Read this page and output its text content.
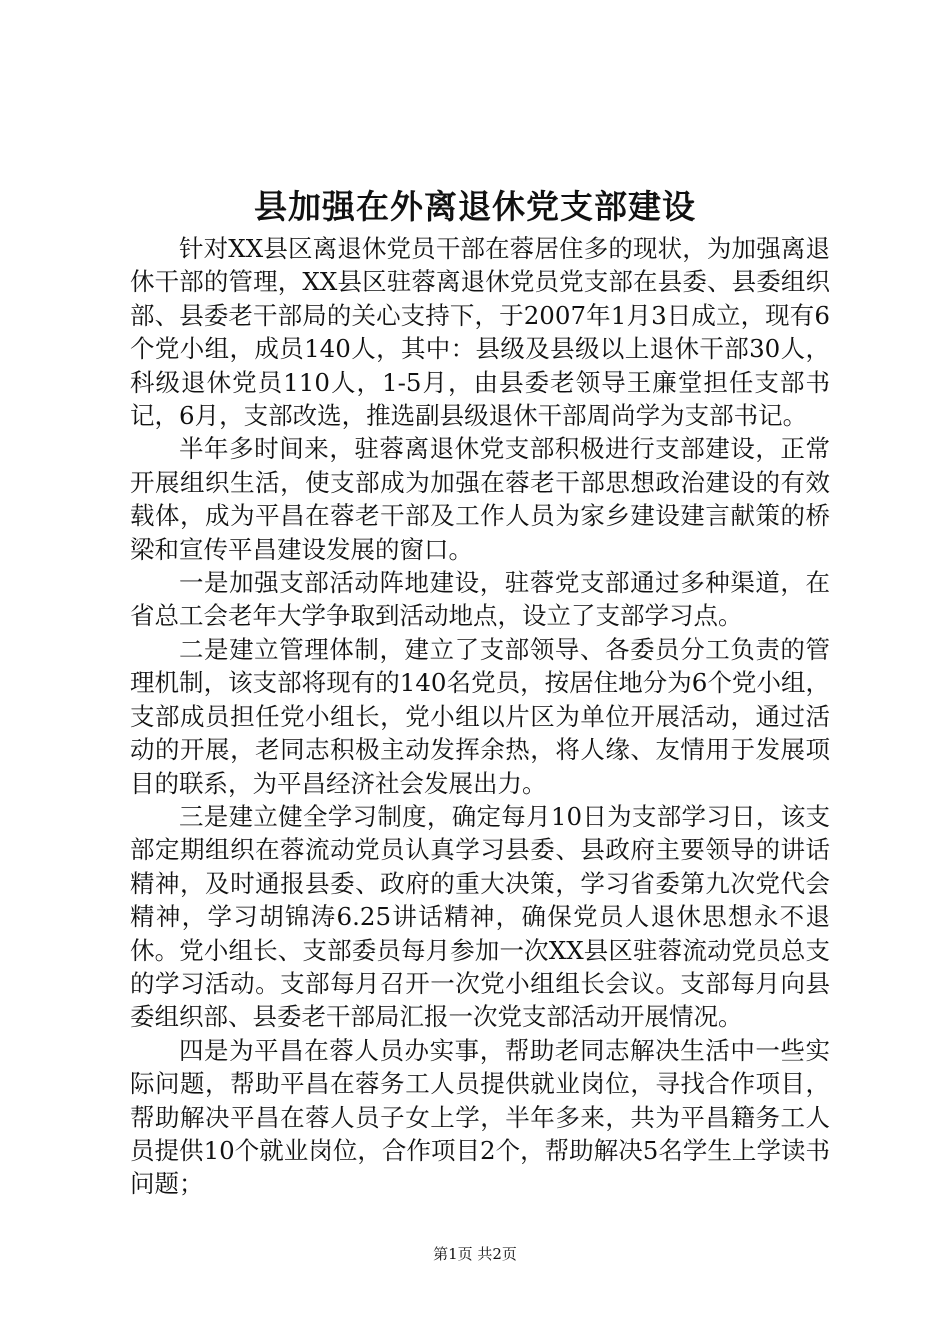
县加强在外离退休党支部建设

针对XX县区离退休党员干部在蓉居住多的现状，为加强离退休干部的管理，XX县区驻蓉离退休党员党支部在县委、县委组织部、县委老干部局的关心支持下，于2007年1月3日成立，现有6个党小组，成员140人，其中：县级及县级以上退休干部30人，科级退休党员110人，1-5月，由县委老领导王廉堂担任支部书记，6月，支部改选，推选副县级退休干部周尚学为支部书记。

半年多时间来，驻蓉离退休党支部积极进行支部建设，正常开展组织生活，使支部成为加强在蓉老干部思想政治建设的有效载体，成为平昌在蓉老干部及工作人员为家乡建设建言献策的桥梁和宣传平昌建设发展的窗口。

一是加强支部活动阵地建设，驻蓉党支部通过多种渠道，在省总工会老年大学争取到活动地点，设立了支部学习点。

二是建立管理体制，建立了支部领导、各委员分工负责的管理机制，该支部将现有的140名党员，按居住地分为6个党小组，支部成员担任党小组长，党小组以片区为单位开展活动，通过活动的开展，老同志积极主动发挥余热，将人缘、友情用于发展项目的联系，为平昌经济社会发展出力。

三是建立健全学习制度，确定每月10日为支部学习日，该支部定期组织在蓉流动党员认真学习县委、县政府主要领导的讲话精神，及时通报县委、政府的重大决策，学习省委第九次党代会精神，学习胡锦涛6.25讲话精神，确保党员人退休思想永不退休。党小组长、支部委员每月参加一次XX县区驻蓉流动党员总支的学习活动。支部每月召开一次党小组组长会议。支部每月向县委组织部、县委老干部局汇报一次党支部活动开展情况。

四是为平昌在蓉人员办实事，帮助老同志解决生活中一些实际问题，帮助平昌在蓉务工人员提供就业岗位，寻找合作项目，帮助解决平昌在蓉人员子女上学，半年多来，共为平昌籍务工人员提供10个就业岗位，合作项目2个，帮助解决5名学生上学读书问题；

第1页 共2页
